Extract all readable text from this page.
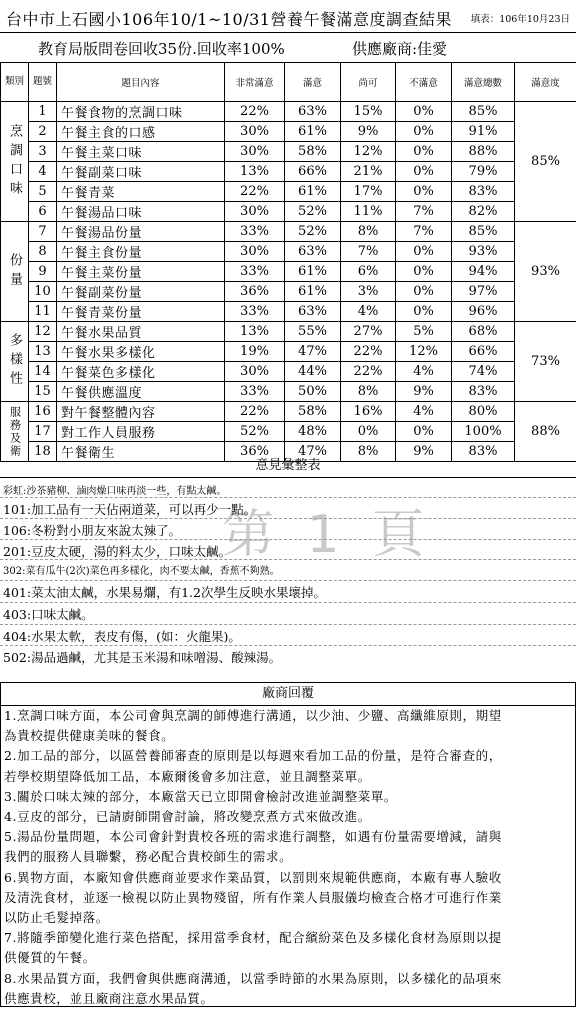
台中市上石國小106年10/1~10/31營養午餐滿意度調查結果 填表：106年10月23日
教育局版問卷回收35份.回收率100%	供應廠商:佳愛
類別	題號	題目內容	非常滿意	滿意	尚可	不滿意	滿意總數	滿意度
烹調口味	1	午餐食物的烹調口味	22%	63%	15%	0%	85%	85%
	2	午餐主食的口感	30%	61%	9%	0%	91%	
	3	午餐主菜口味	30%	58%	12%	0%	88%	
	4	午餐副菜口味	13%	66%	21%	0%	79%	
	5	午餐青菜	22%	61%	17%	0%	83%	
	6	午餐湯品口味	30%	52%	11%	7%	82%	
份量	7	午餐湯品份量	33%	52%	8%	7%	85%	93%
	8	午餐主食份量	30%	63%	7%	0%	93%	
	9	午餐主菜份量	33%	61%	6%	0%	94%	
	10	午餐副菜份量	36%	61%	3%	0%	97%	
	11	午餐青菜份量	33%	63%	4%	0%	96%	
多樣性	12	午餐水果品質	13%	55%	27%	5%	68%	73%
	13	午餐水果多樣化	19%	47%	22%	12%	66%	
	14	午餐菜色多樣化	30%	44%	22%	4%	74%	
	15	午餐供應溫度	33%	50%	8%	9%	83%	
服務及衛	16	對午餐整體內容	22%	58%	16%	4%	80%	88%
	17	對工作人員服務	52%	48%	0%	0%	100%	
	18	午餐衛生	36%	47%	8%	9%	83%	
意見彙整表
第 1 頁
彩虹:沙茶豬柳、滷肉燥口味再淡一些，有點太鹹。
101:加工品有一天佔兩道菜，可以再少一點。
106:冬粉對小朋友來說太辣了。
201:豆皮太硬，湯的料太少，口味太鹹。
302:菜有瓜牛(2次)菜色再多樣化，肉不要太鹹，香蕉不夠熟。
401:菜太油太鹹，水果易爛，有1.2次學生反映水果壞掉。
403:口味太鹹。
404:水果太軟，表皮有傷，(如：火龍果)。
502:湯品過鹹，尤其是玉米湯和味噌湯、酸辣湯。
廠商回覆

1.烹調口味方面，本公司會與烹調的師傅進行溝通，以少油、少鹽、高纖維原則，期望

為貴校提供健康美味的餐食。

2.加工品的部分，以區營養師審查的原則是以每週來看加工品的份量，是符合審查的，

若學校期望降低加工品，本廠爾後會多加注意，並且調整菜單。

3.關於口味太辣的部分，本廠當天已立即開會檢討改進並調整菜單。

4.豆皮的部分，已請廚師開會討論，將改變烹煮方式來做改進。

5.湯品份量問題，本公司會針對貴校各班的需求進行調整，如遇有份量需要增減，請與

我們的服務人員聯繫，務必配合貴校師生的需求。

6.異物方面，本廠知會供應商並要求作業品質，以罰則來規範供應商，本廠有專人驗收

及清洗食材，並逐一檢視以防止異物殘留，所有作業人員服儀均檢查合格才可進行作業

以防止毛髮掉落。

7.將隨季節變化進行菜色搭配，採用當季食材，配合繽紛菜色及多樣化食材為原則以提

供優質的午餐。

8.水果品質方面，我們會與供應商溝通，以當季時節的水果為原則，以多樣化的品項來

供應貴校，並且廠商注意水果品質。
